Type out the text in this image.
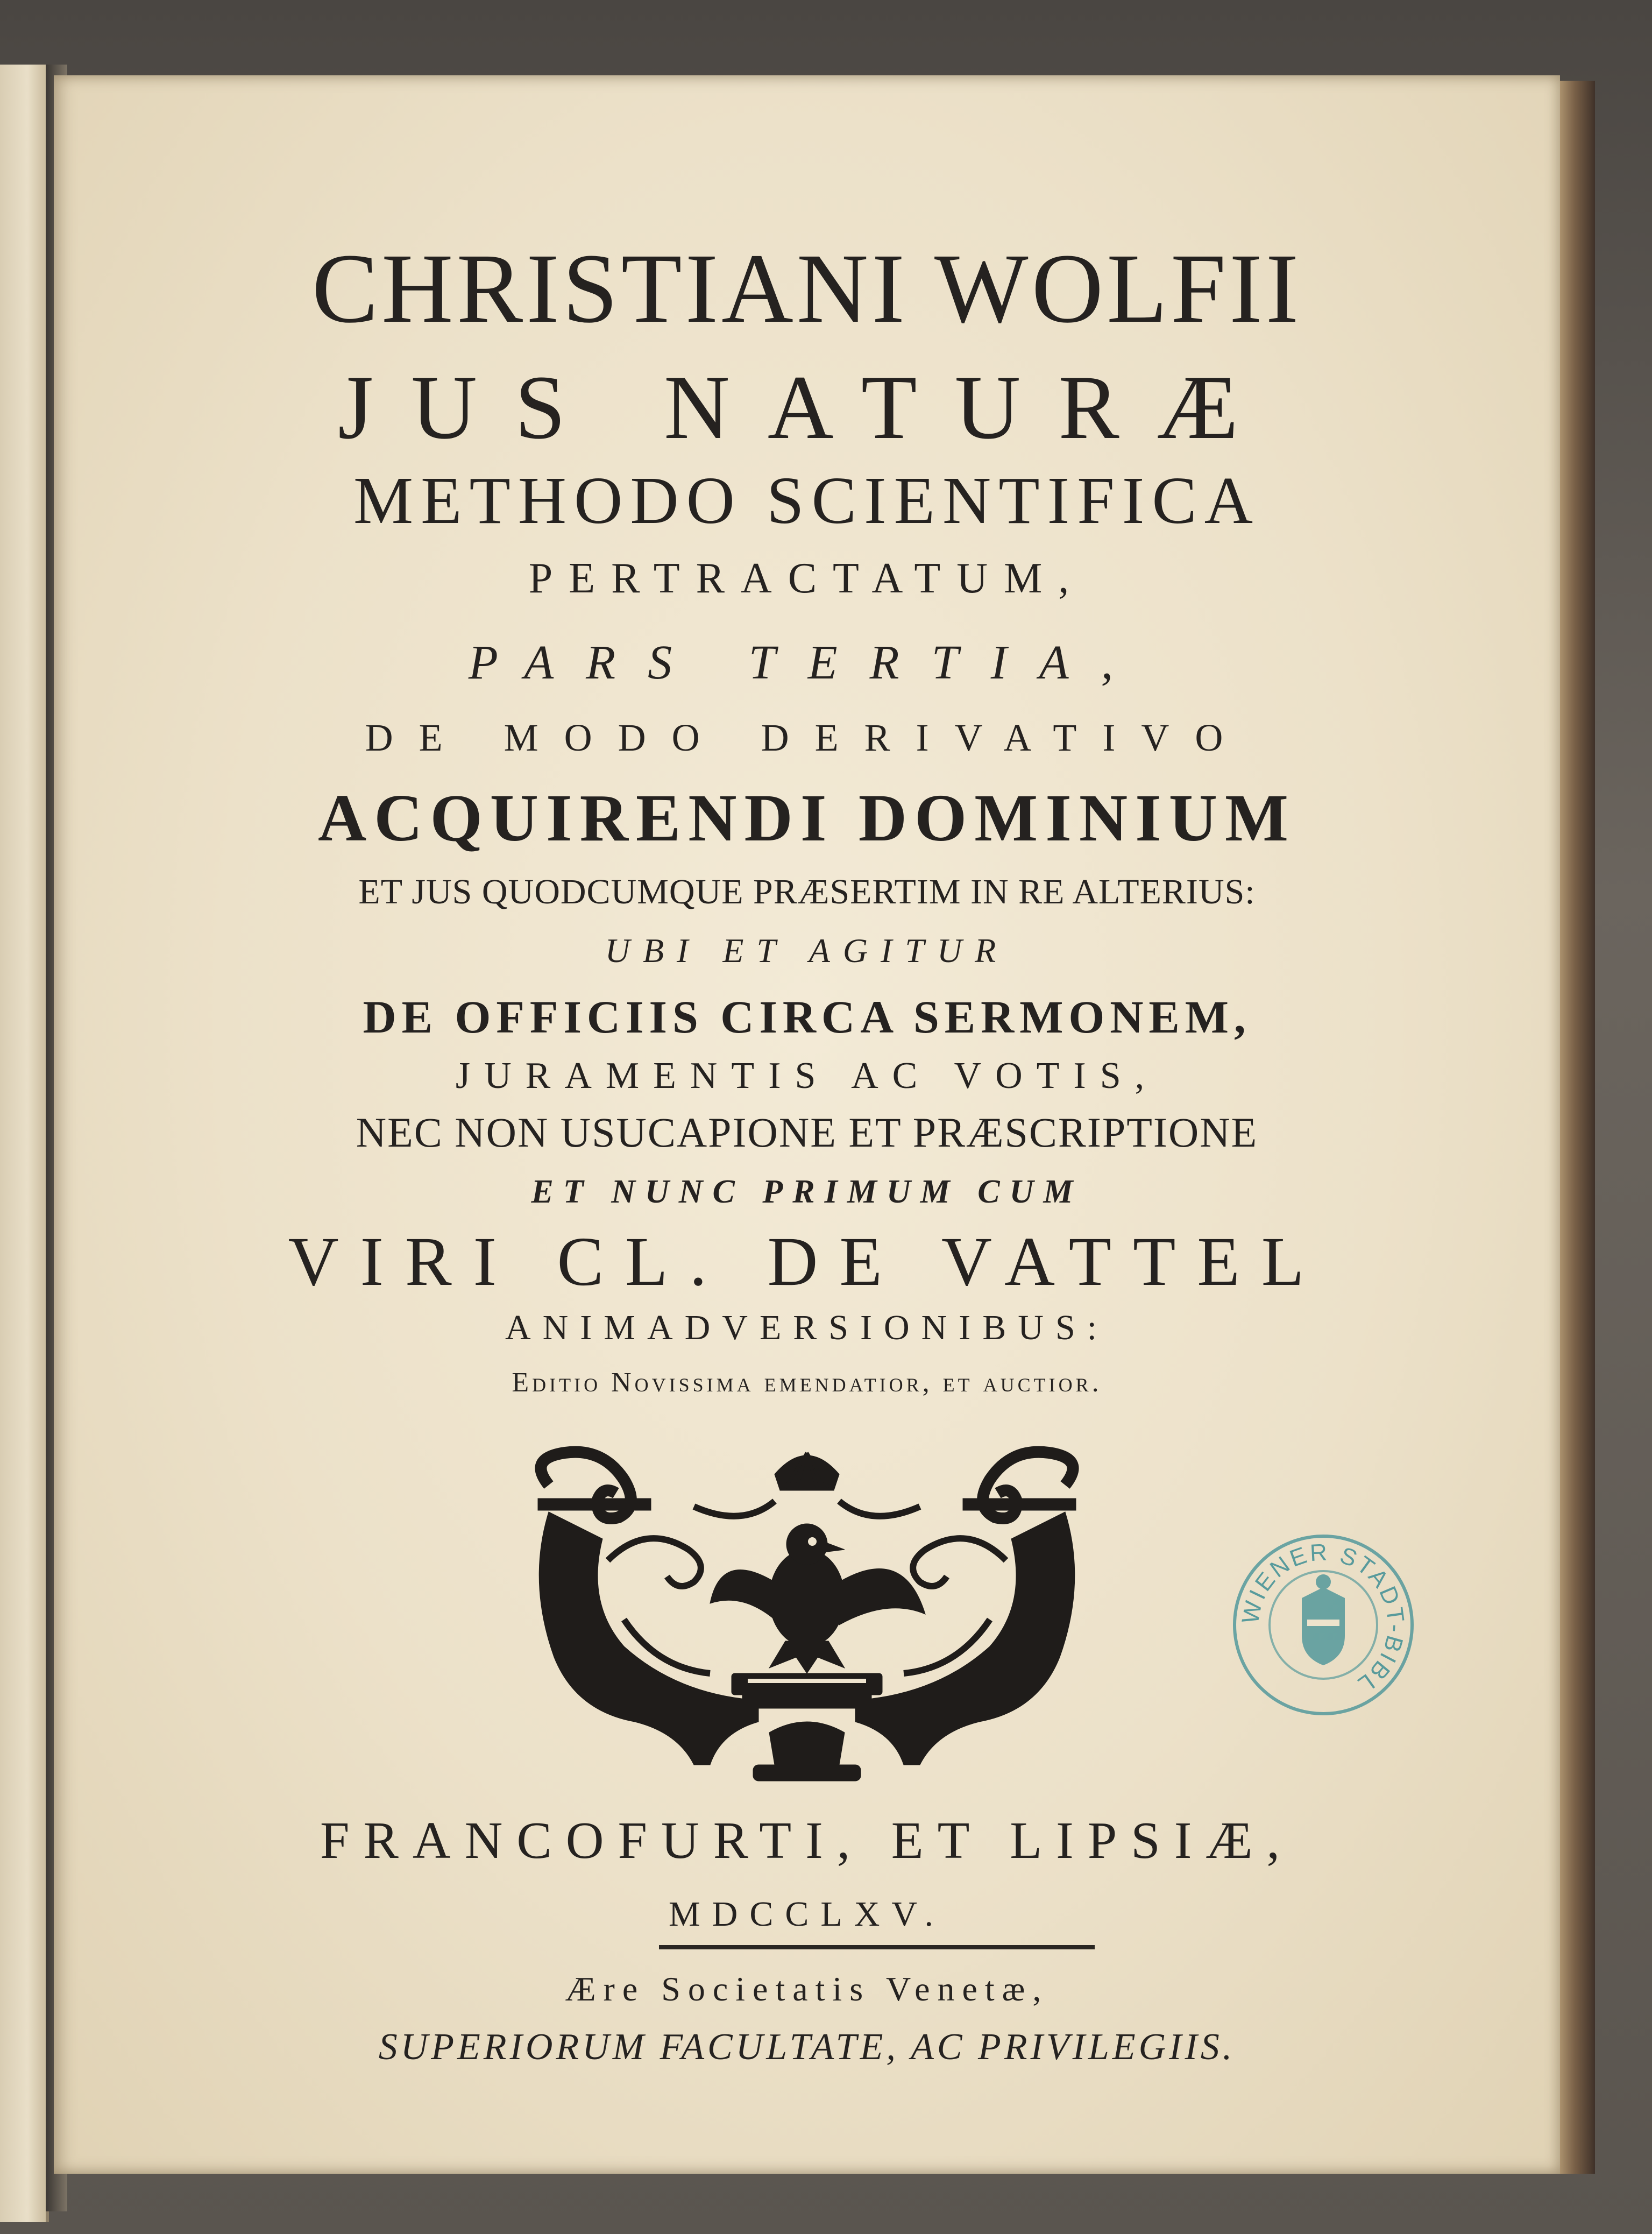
CHRISTIANI WOLFII
JUS NATURÆ
METHODO SCIENTIFICA
PERTRACTATUM,
PARS TERTIA,
DE MODO DERIVATIVO
ACQUIRENDI DOMINIUM
ET JUS QUODCUMQUE PRÆSERTIM IN RE ALTERIUS:
UBI ET AGITUR
DE OFFICIIS CIRCA SERMONEM,
JURAMENTIS AC VOTIS,
NEC NON USUCAPIONE ET PRÆSCRIPTIONE
ET NUNC PRIMUM CUM
VIRI CL. DE VATTEL
ANIMADVERSIONIBUS:
Editio Novissima emendatior, et auctior.
FRANCOFURTI, ET LIPSIÆ,
MDCCLXV.
Ære Societatis Venetæ,
SUPERIORUM FACULTATE, AC PRIVILEGIIS.
WIENER STADT-BIBL
